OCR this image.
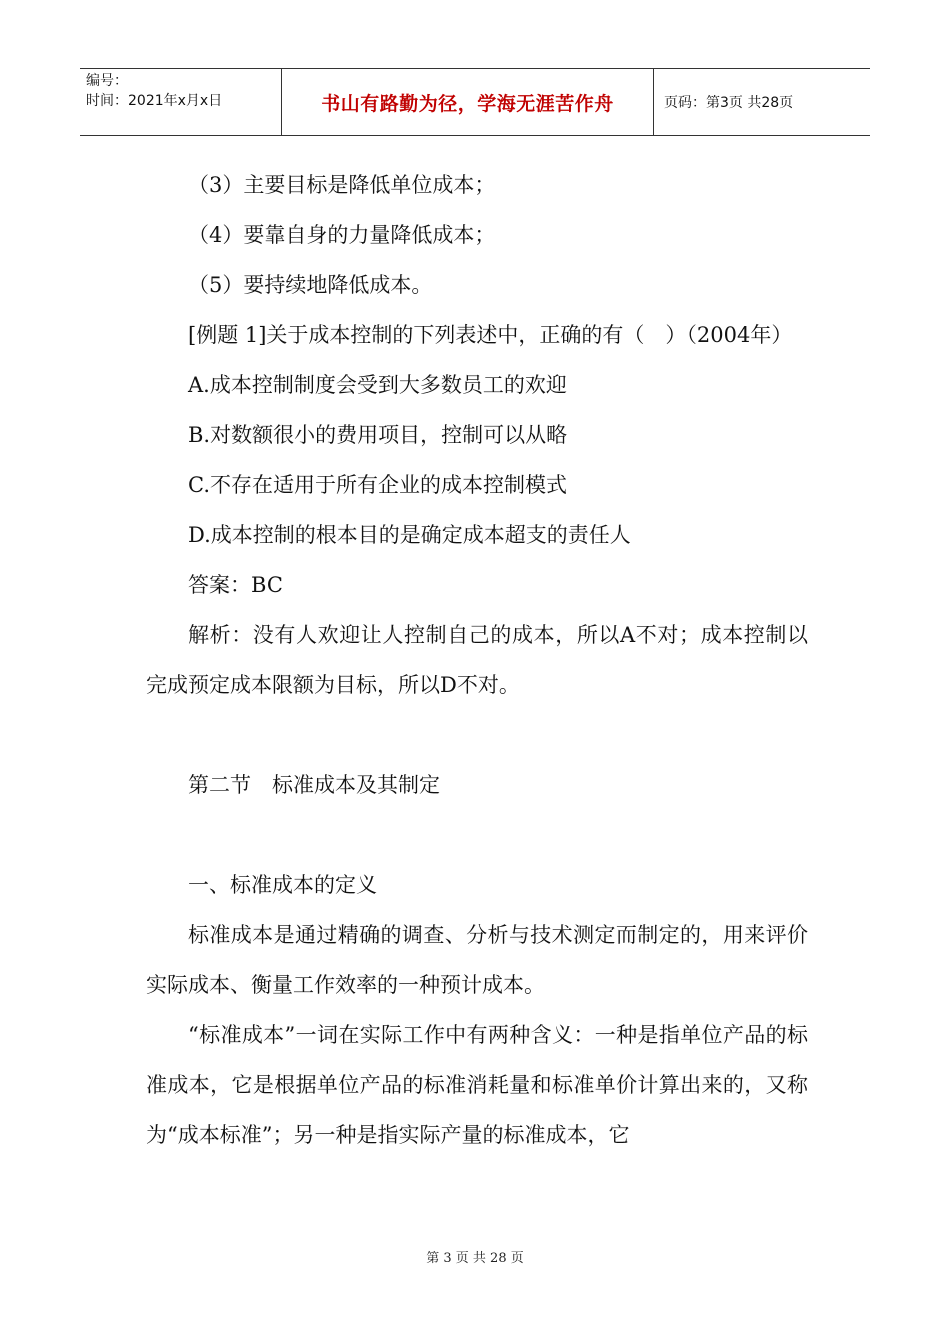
编号：
时间：2021年x月x日	书山有路勤为径，学海无涯苦作舟	页码：第3页 共28页

（3）主要目标是降低单位成本；

（4）要靠自身的力量降低成本；

（5）要持续地降低成本。

[例题 1]关于成本控制的下列表述中，正确的有（　）（2004年）

A.成本控制制度会受到大多数员工的欢迎

B.对数额很小的费用项目，控制可以从略

C.不存在适用于所有企业的成本控制模式

D.成本控制的根本目的是确定成本超支的责任人

答案：BC

解析：没有人欢迎让人控制自己的成本，所以A不对；成本控制以完成预定成本限额为目标，所以D不对。

第二节　标准成本及其制定

一、标准成本的定义

标准成本是通过精确的调查、分析与技术测定而制定的，用来评价实际成本、衡量工作效率的一种预计成本。

“标准成本”一词在实际工作中有两种含义：一种是指单位产品的标准成本，它是根据单位产品的标准消耗量和标准单价计算出来的，又称为“成本标准”；另一种是指实际产量的标准成本，它

第 3 页 共 28 页
